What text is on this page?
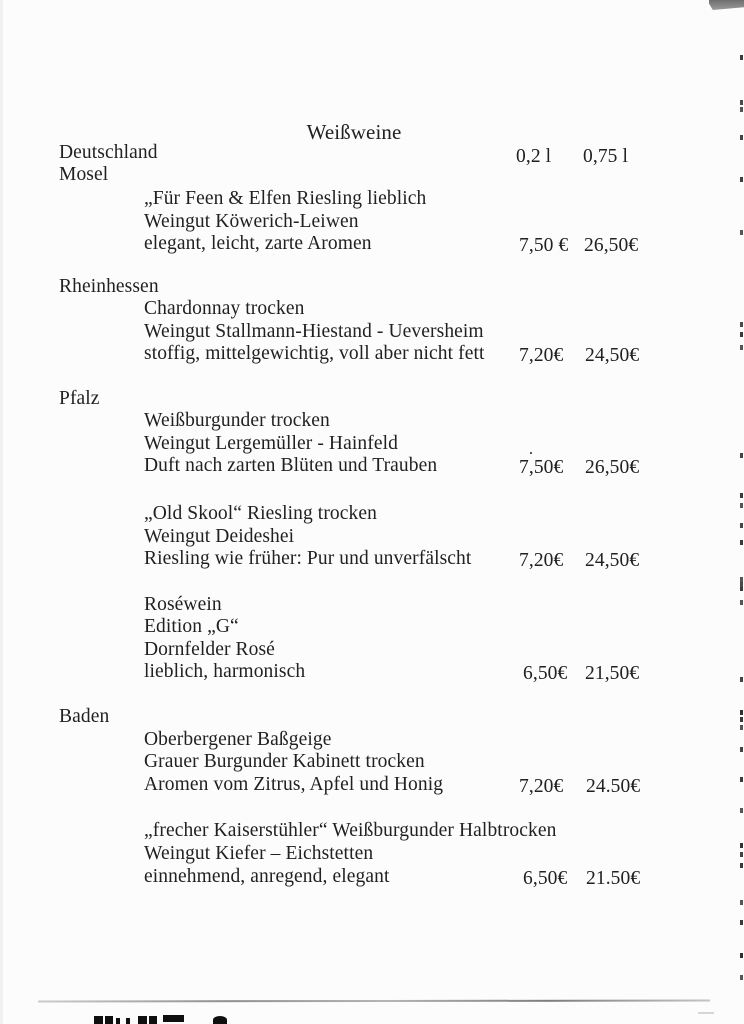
Weißweine
Deutschland	0,2 l 0,75 l
Mosel
„Für Feen & Elfen Riesling lieblich
Weingut Köwerich-Leiwen
elegant, leicht, zarte Aromen	7,50 € 26,50€
Rheinhessen
Chardonnay trocken
Weingut Stallmann-Hiestand - Ueversheim
stoffig, mittelgewichtig, voll aber nicht fett 7,20€ 24,50€
Pfalz
Weißburgunder trocken
Weingut Lergemüller - Hainfeld
Duft nach zarten Blüten und Trauben	7,50€ 26,50€
„Old Skool“ Riesling trocken
Weingut Deideshei
Riesling wie früher: Pur und unverfälscht 7,20€ 24,50€
Roséwein
Edition „G“
Dornfelder Rosé
lieblich, harmonisch	6,50€ 21,50€
Baden
Oberbergener Baßgeige
Grauer Burgunder Kabinett trocken
Aromen vom Zitrus, Apfel und Honig	7,20€ 24.50€
„frecher Kaiserstühler“ Weißburgunder Halbtrocken
Weingut Kiefer – Eichstetten
einnehmend, anregend, elegant	6,50€ 21.50€
